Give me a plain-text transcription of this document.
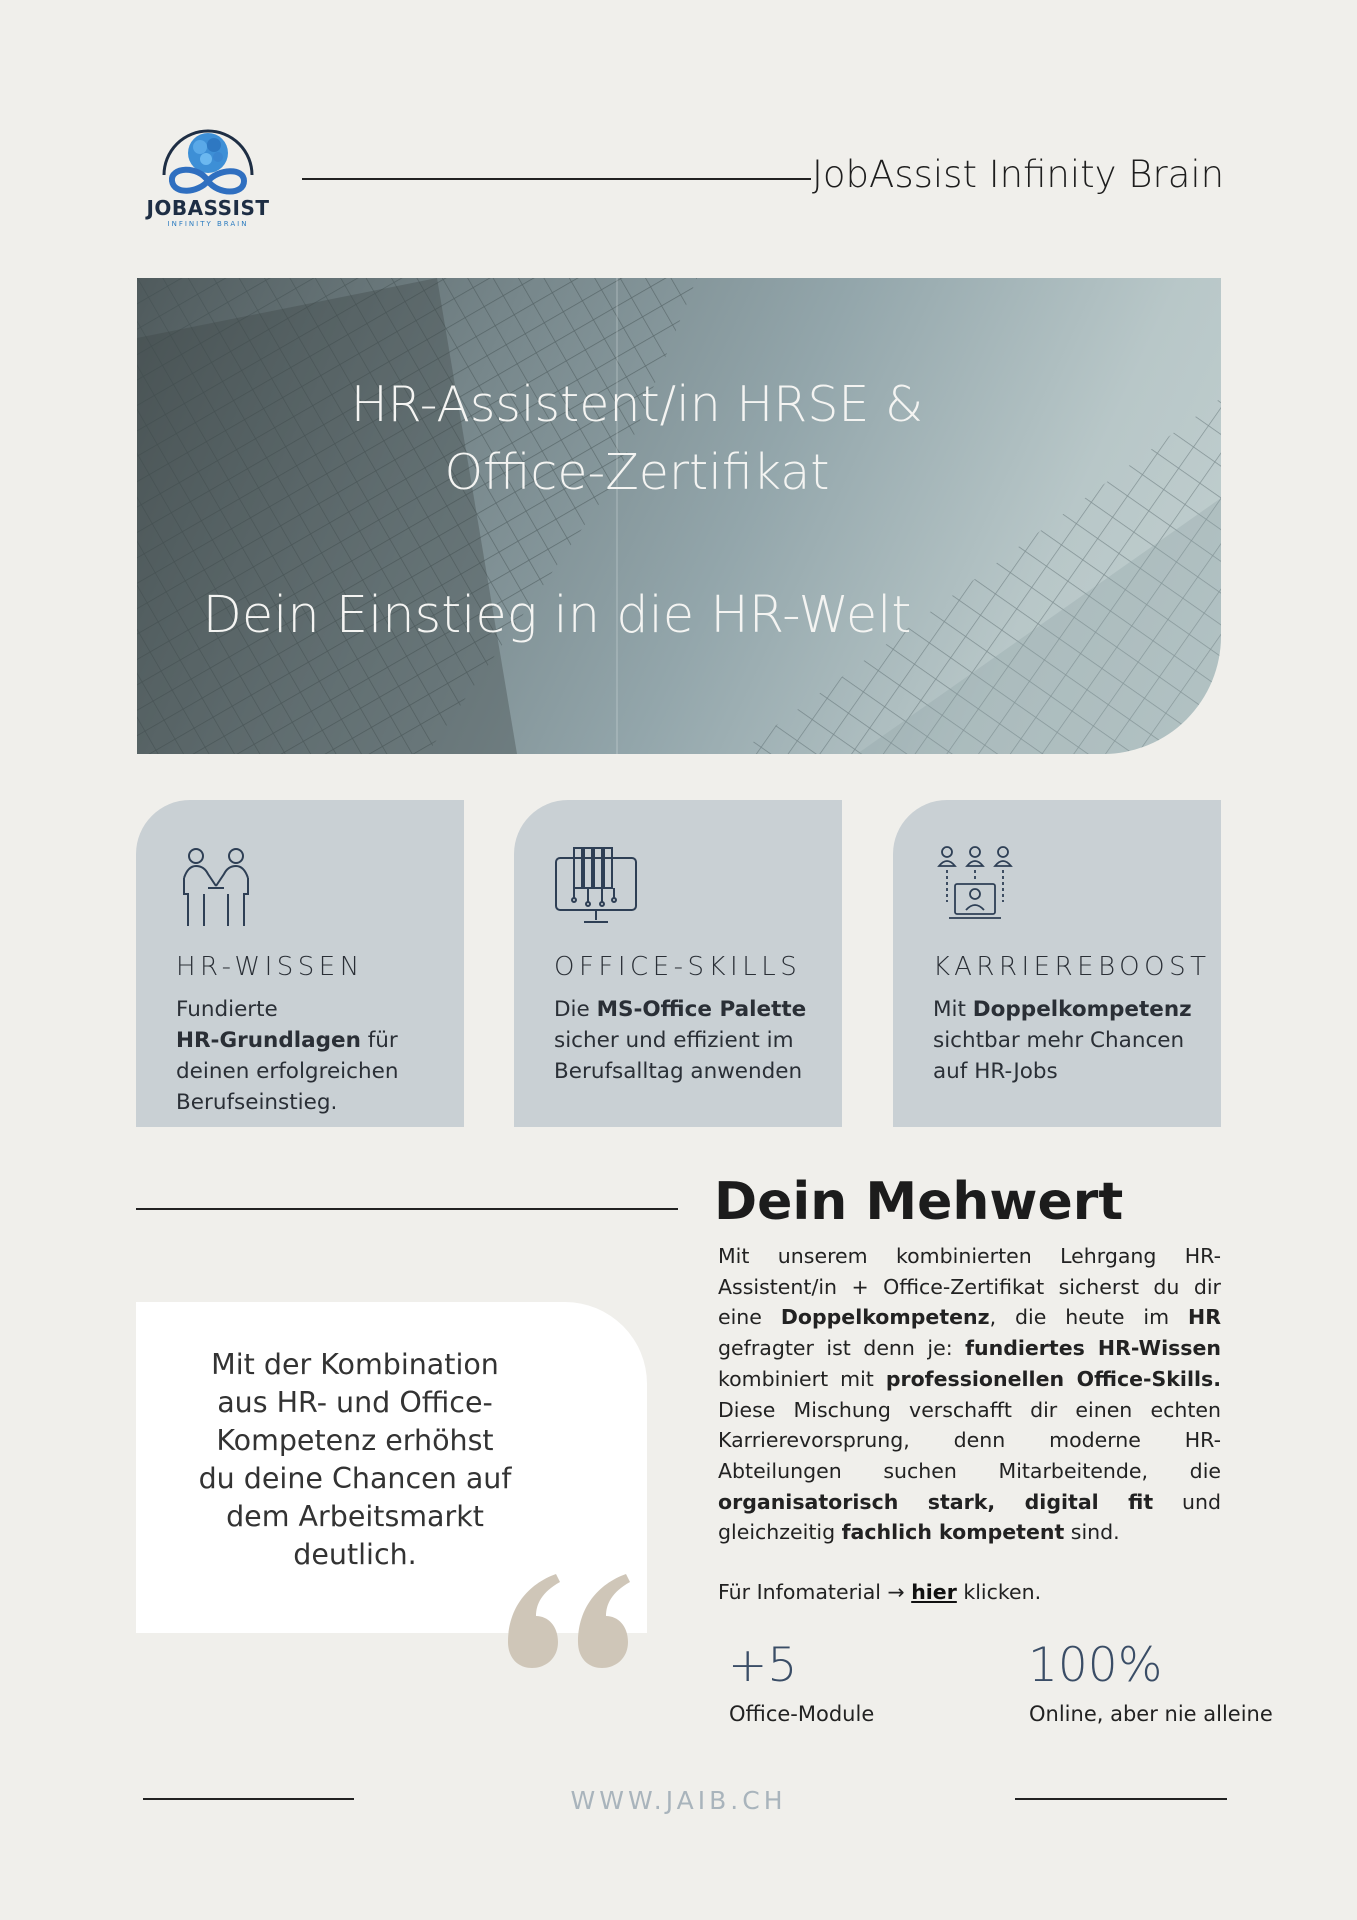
JOBASSIST
INFINITY BRAIN
JobAssist Infinity Brain
HR-Assistent/in HRSE &
Office-Zertifikat
Dein Einstieg in die HR-Welt
HR-WISSEN
Fundierte
HR-Grundlagen für deinen erfolgreichen Berufseinstieg.
OFFICE-SKILLS
Die MS-Office Palette sicher und effizient im Berufsalltag anwenden
KARRIEREBOOST
Mit Doppelkompetenz sichtbar mehr Chancen auf HR-Jobs
Dein Mehwert
Mit unserem kombinierten Lehrgang HR-Assistent/in + Office-Zertifikat sicherst du dir eine Doppelkompetenz, die heute im HR gefragter ist denn je: fundiertes HR-Wissen kombiniert mit professionellen Office-Skills. Diese Mischung verschafft dir einen echten Karrierevorsprung, denn moderne HR-Abteilungen suchen Mitarbeitende, die organisatorisch stark, digital fit und gleichzeitig fachlich kompetent sind.
Für Infomaterial → hier klicken.
Mit der Kombination aus HR- und Office-Kompetenz erhöhst du deine Chancen auf dem Arbeitsmarkt deutlich.
+5
Office-Module
100%
Online, aber nie alleine
WWW.JAIB.CH
